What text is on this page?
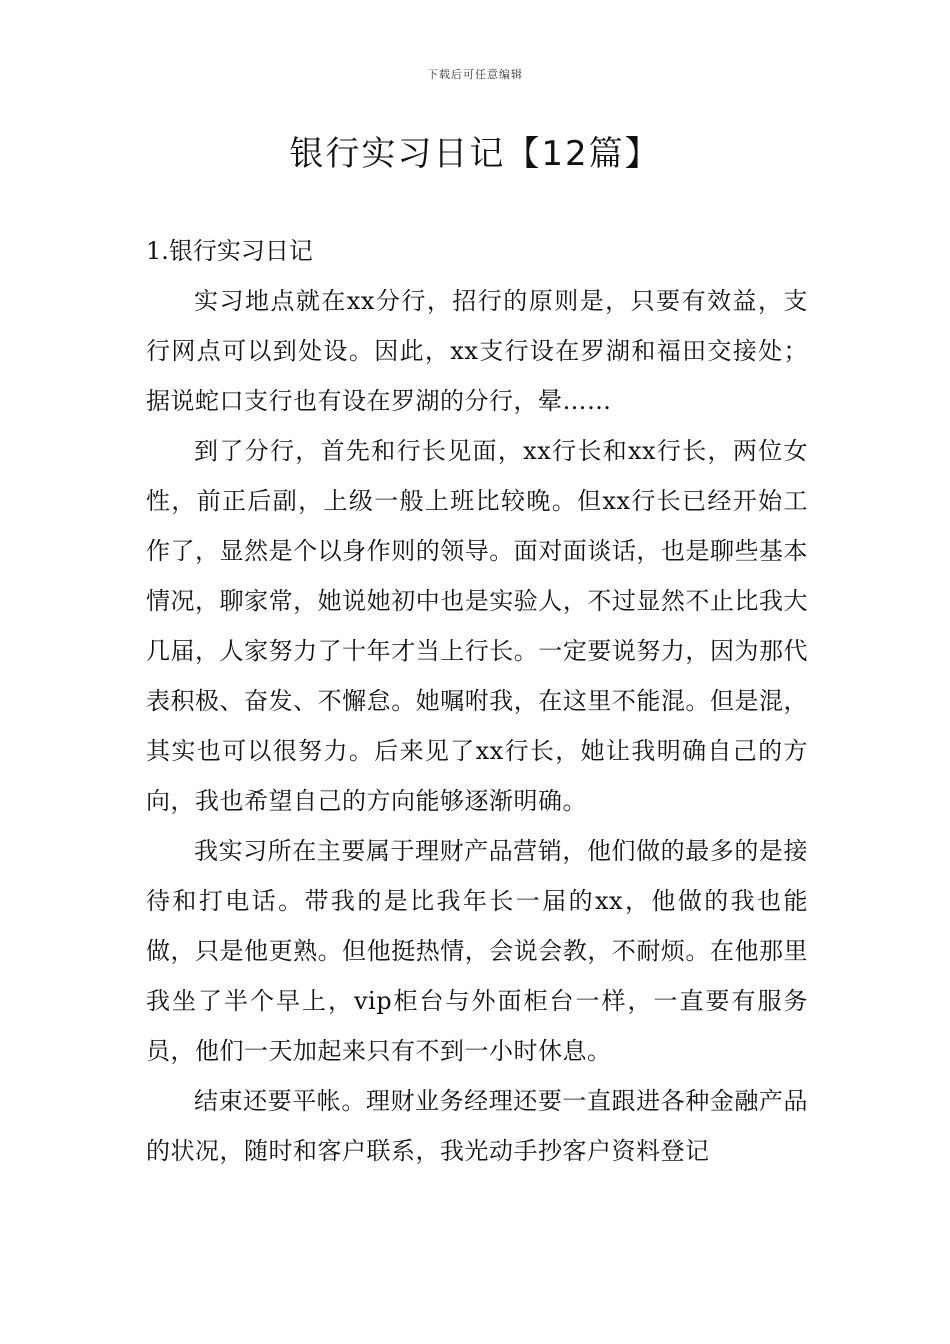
下载后可任意编辑
银行实习日记【12篇】

1.银行实习日记

实习地点就在xx分行，招行的原则是，只要有效益，支行网点可以到处设。因此，xx支行设在罗湖和福田交接处；据说蛇口支行也有设在罗湖的分行，晕……

到了分行，首先和行长见面，xx行长和xx行长，两位女性，前正后副，上级一般上班比较晚。但xx行长已经开始工作了，显然是个以身作则的领导。面对面谈话，也是聊些基本情况，聊家常，她说她初中也是实验人，不过显然不止比我大几届，人家努力了十年才当上行长。一定要说努力，因为那代表积极、奋发、不懈怠。她嘱咐我，在这里不能混。但是混，其实也可以很努力。后来见了xx行长，她让我明确自己的方向，我也希望自己的方向能够逐渐明确。

我实习所在主要属于理财产品营销，他们做的最多的是接待和打电话。带我的是比我年长一届的xx，他做的我也能做，只是他更熟。但他挺热情，会说会教，不耐烦。在他那里我坐了半个早上，vip柜台与外面柜台一样，一直要有服务员，他们一天加起来只有不到一小时休息。

结束还要平帐。理财业务经理还要一直跟进各种金融产品的状况，随时和客户联系，我光动手抄客户资料登记
